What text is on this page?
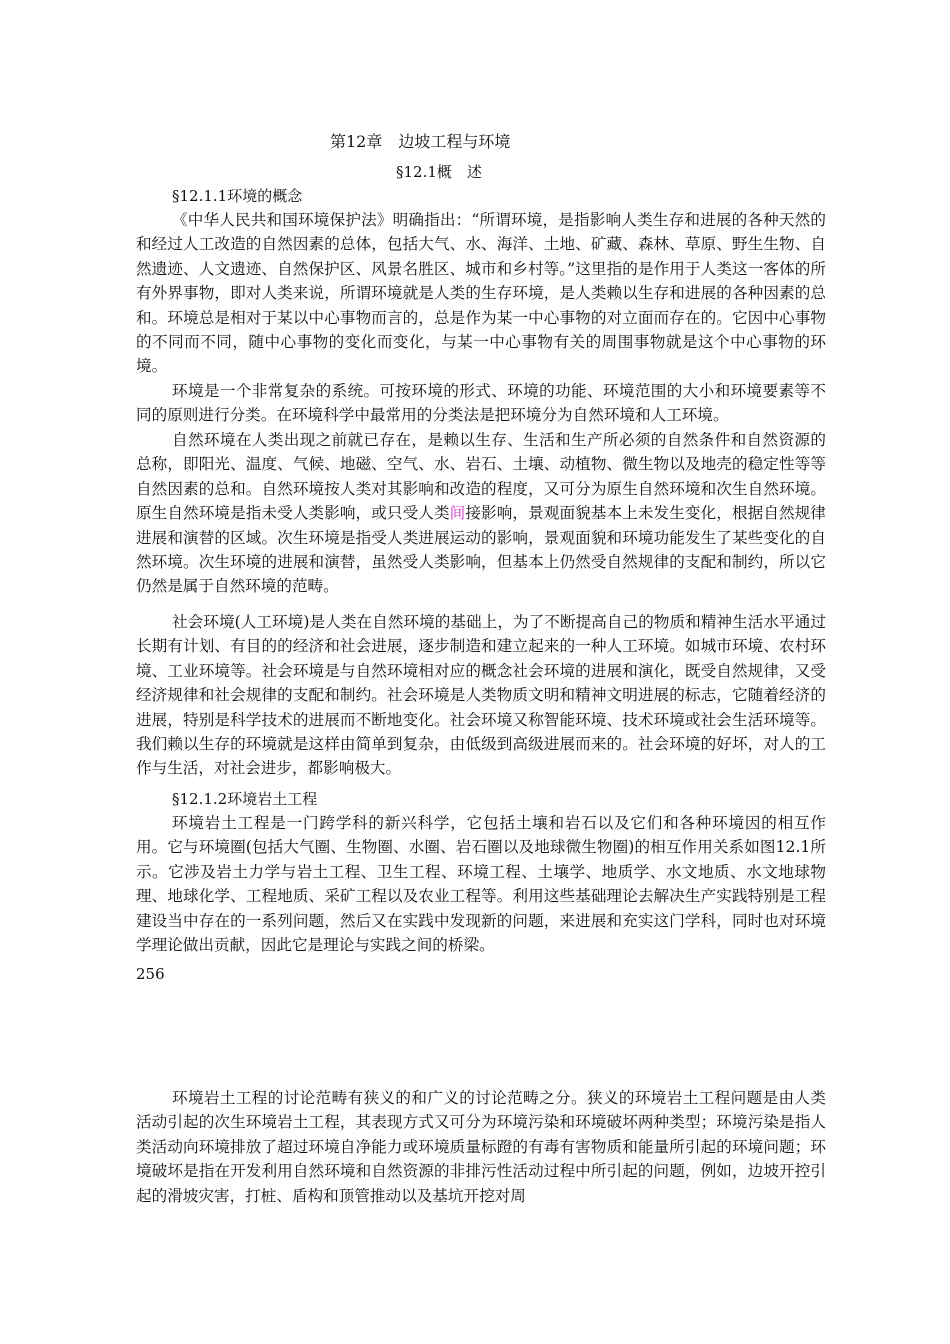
第12章　边坡工程与环境
§12.1概　述
§12.1.1环境的概念

《中华人民共和国环境保护法》明确指出：“所谓环境，是指影响人类生存和进展的各种天然的和经过人工改造的自然因素的总体，包括大气、水、海洋、土地、矿藏、森林、草原、野生生物、自然遗迹、人文遗迹、自然保护区、风景名胜区、城市和乡村等。”这里指的是作用于人类这一客体的所有外界事物，即对人类来说，所谓环境就是人类的生存环境，是人类赖以生存和进展的各种因素的总和。环境总是相对于某以中心事物而言的，总是作为某一中心事物的对立面而存在的。它因中心事物的不同而不同，随中心事物的变化而变化，与某一中心事物有关的周围事物就是这个中心事物的环境。

环境是一个非常复杂的系统。可按环境的形式、环境的功能、环境范围的大小和环境要素等不同的原则进行分类。在环境科学中最常用的分类法是把环境分为自然环境和人工环境。

自然环境在人类出现之前就已存在，是赖以生存、生活和生产所必须的自然条件和自然资源的总称，即阳光、温度、气候、地磁、空气、水、岩石、土壤、动植物、微生物以及地壳的稳定性等等自然因素的总和。自然环境按人类对其影响和改造的程度，又可分为原生自然环境和次生自然环境。原生自然环境是指未受人类影响，或只受人类间接影响，景观面貌基本上未发生变化，根据自然规律进展和演替的区域。次生环境是指受人类进展运动的影响，景观面貌和环境功能发生了某些变化的自然环境。次生环境的进展和演替，虽然受人类影响，但基本上仍然受自然规律的支配和制约，所以它仍然是属于自然环境的范畴。

社会环境(人工环境)是人类在自然环境的基础上，为了不断提高自己的物质和精神生活水平通过长期有计划、有目的的经济和社会进展，逐步制造和建立起来的一种人工环境。如城市环境、农村环境、工业环境等。社会环境是与自然环境相对应的概念社会环境的进展和演化，既受自然规律，又受经济规律和社会规律的支配和制约。社会环境是人类物质文明和精神文明进展的标志，它随着经济的进展，特别是科学技术的进展而不断地变化。社会环境又称智能环境、技术环境或社会生活环境等。我们赖以生存的环境就是这样由简单到复杂，由低级到高级进展而来的。社会环境的好坏，对人的工作与生活，对社会进步，都影响极大。

§12.1.2环境岩土工程

环境岩土工程是一门跨学科的新兴科学，它包括土壤和岩石以及它们和各种环境因的相互作用。它与环境圈(包括大气圈、生物圈、水圈、岩石圈以及地球微生物圈)的相互作用关系如图12.1所示。它涉及岩土力学与岩土工程、卫生工程、环境工程、土壤学、地质学、水文地质、水文地球物理、地球化学、工程地质、采矿工程以及农业工程等。利用这些基础理论去解决生产实践特别是工程建设当中存在的一系列问题，然后又在实践中发现新的问题，来进展和充实这门学科，同时也对环境学理论做出贡献，因此它是理论与实践之间的桥梁。

256

环境岩土工程的讨论范畴有狭义的和广义的讨论范畴之分。狭义的环境岩土工程问题是由人类活动引起的次生环境岩土工程，其表现方式又可分为环境污染和环境破坏两种类型；环境污染是指人类活动向环境排放了超过环境自净能力或环境质量标蹬的有毒有害物质和能量所引起的环境问题；环境破坏是指在开发利用自然环境和自然资源的非排污性活动过程中所引起的问题，例如，边坡开控引起的滑坡灾害，打桩、盾构和顶管推动以及基坑开挖对周
